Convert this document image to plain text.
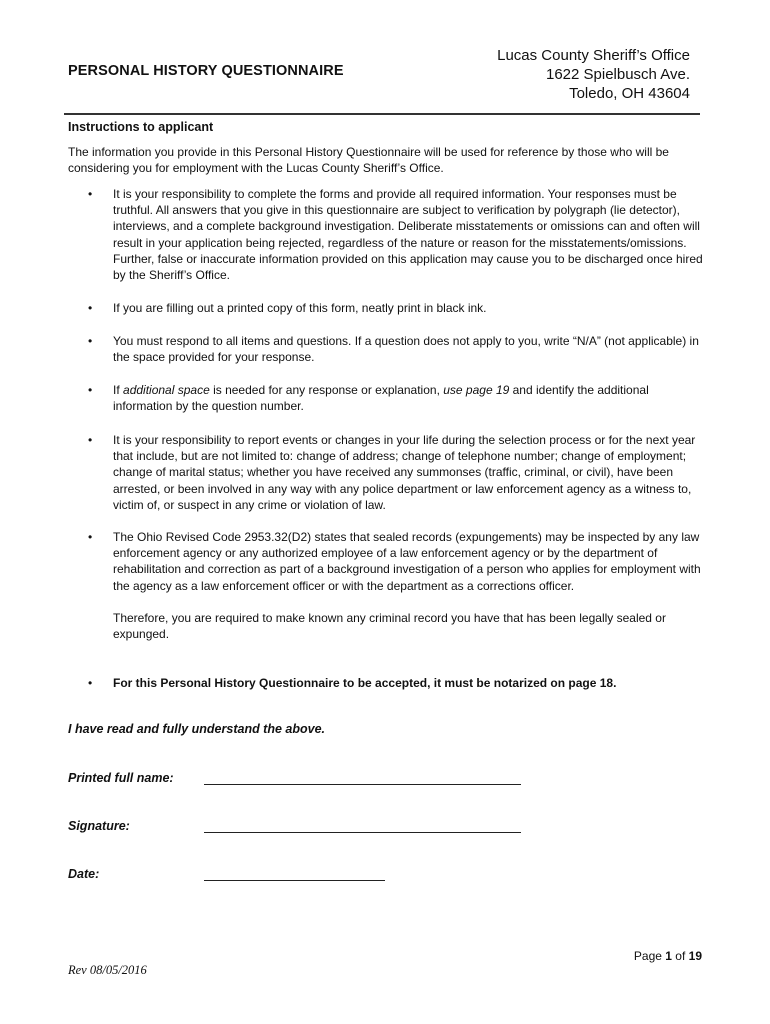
PERSONAL HISTORY QUESTIONNAIRE
Lucas County Sheriff’s Office
1622 Spielbusch Ave.
Toledo, OH 43604
Instructions to applicant
The information you provide in this Personal History Questionnaire will be used for reference by those who will be considering you for employment with the Lucas County Sheriff’s Office.
• It is your responsibility to complete the forms and provide all required information. Your responses must be truthful. All answers that you give in this questionnaire are subject to verification by polygraph (lie detector), interviews, and a complete background investigation. Deliberate misstatements or omissions can and often will result in your application being rejected, regardless of the nature or reason for the misstatements/omissions. Further, false or inaccurate information provided on this application may cause you to be discharged once hired by the Sheriff’s Office.
• If you are filling out a printed copy of this form, neatly print in black ink.
• You must respond to all items and questions. If a question does not apply to you, write “N/A” (not applicable) in the space provided for your response.
• If additional space is needed for any response or explanation, use page 19 and identify the additional information by the question number.
• It is your responsibility to report events or changes in your life during the selection process or for the next year that include, but are not limited to: change of address; change of telephone number; change of employment; change of marital status; whether you have received any summonses (traffic, criminal, or civil), have been arrested, or been involved in any way with any police department or law enforcement agency as a witness to, victim of, or suspect in any crime or violation of law.
• The Ohio Revised Code 2953.32(D2) states that sealed records (expungements) may be inspected by any law enforcement agency or any authorized employee of a law enforcement agency or by the department of rehabilitation and correction as part of a background investigation of a person who applies for employment with the agency as a law enforcement officer or with the department as a corrections officer.

Therefore, you are required to make known any criminal record you have that has been legally sealed or expunged.

• For this Personal History Questionnaire to be accepted, it must be notarized on page 18.
I have read and fully understand the above.
Printed full name:
Signature:
Date:
Page 1 of 19
Rev 08/05/2016
